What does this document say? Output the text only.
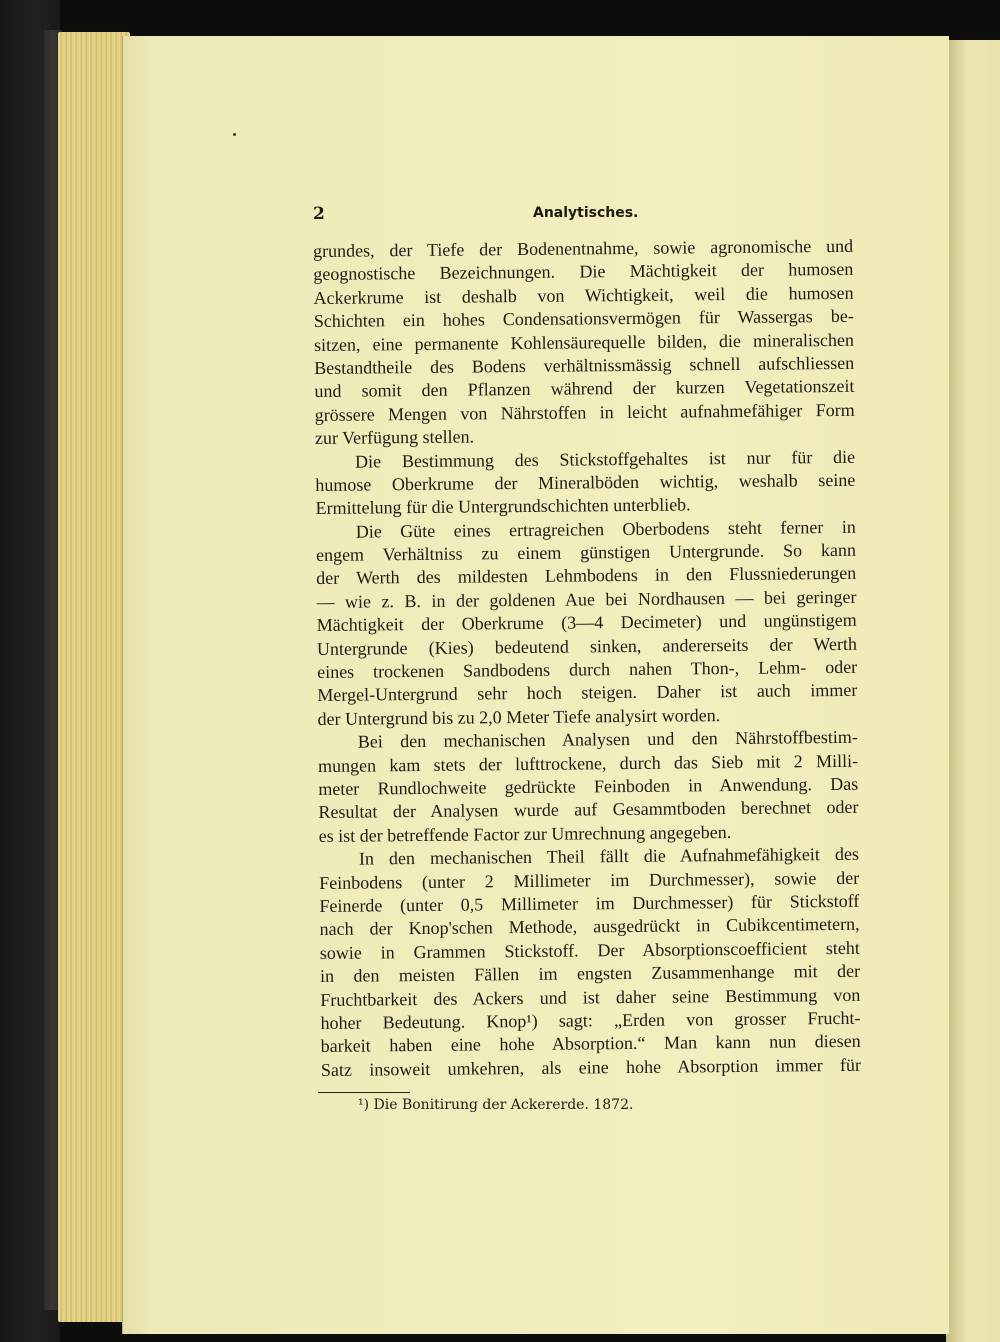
2	Analytisches.
grundes, der Tiefe der Bodenentnahme, sowie agronomische und
geognostische Bezeichnungen. Die Mächtigkeit der humosen
Ackerkrume ist deshalb von Wichtigkeit, weil die humosen
Schichten ein hohes Condensationsvermögen für Wassergas be-
sitzen, eine permanente Kohlensäurequelle bilden, die mineralischen
Bestandtheile des Bodens verhältnissmässig schnell aufschliessen
und somit den Pflanzen während der kurzen Vegetationszeit
grössere Mengen von Nährstoffen in leicht aufnahmefähiger Form
zur Verfügung stellen.
Die Bestimmung des Stickstoffgehaltes ist nur für die
humose Oberkrume der Mineralböden wichtig, weshalb seine
Ermittelung für die Untergrundschichten unterblieb.
Die Güte eines ertragreichen Oberbodens steht ferner in
engem Verhältniss zu einem günstigen Untergrunde. So kann
der Werth des mildesten Lehmbodens in den Flussniederungen
— wie z. B. in der goldenen Aue bei Nordhausen — bei geringer
Mächtigkeit der Oberkrume (3—4 Decimeter) und ungünstigem
Untergrunde (Kies) bedeutend sinken, andererseits der Werth
eines trockenen Sandbodens durch nahen Thon-, Lehm- oder
Mergel-Untergrund sehr hoch steigen. Daher ist auch immer
der Untergrund bis zu 2,0 Meter Tiefe analysirt worden.
Bei den mechanischen Analysen und den Nährstoffbestim-
mungen kam stets der lufttrockene, durch das Sieb mit 2 Milli-
meter Rundlochweite gedrückte Feinboden in Anwendung. Das
Resultat der Analysen wurde auf Gesammtboden berechnet oder
es ist der betreffende Factor zur Umrechnung angegeben.
In den mechanischen Theil fällt die Aufnahmefähigkeit des
Feinbodens (unter 2 Millimeter im Durchmesser), sowie der
Feinerde (unter 0,5 Millimeter im Durchmesser) für Stickstoff
nach der Knop'schen Methode, ausgedrückt in Cubikcentimetern,
sowie in Grammen Stickstoff. Der Absorptionscoefficient steht
in den meisten Fällen im engsten Zusammenhange mit der
Fruchtbarkeit des Ackers und ist daher seine Bestimmung von
hoher Bedeutung. Knop¹) sagt: „Erden von grosser Frucht-
barkeit haben eine hohe Absorption.“ Man kann nun diesen
Satz insoweit umkehren, als eine hohe Absorption immer für
¹) Die Bonitirung der Ackererde. 1872.
